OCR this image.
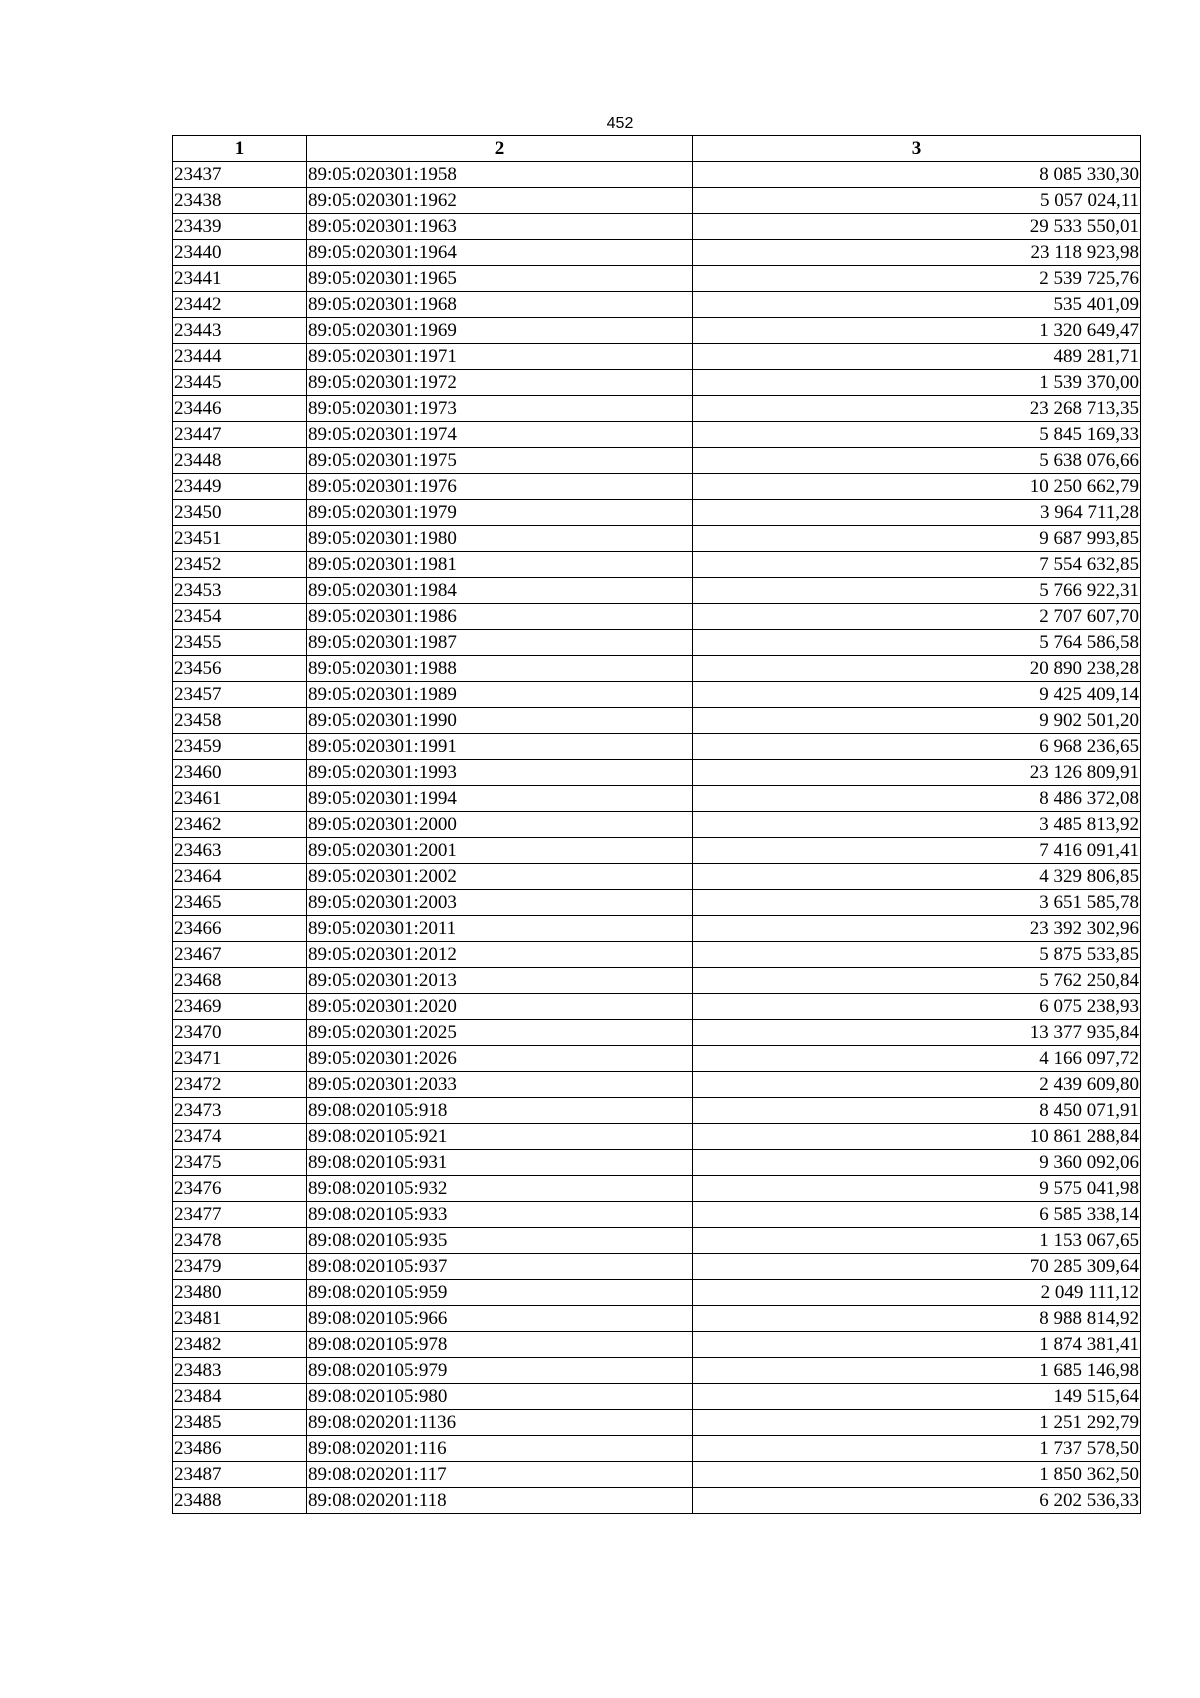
452
1	2	3
23437	89:05:020301:1958	8 085 330,30
23438	89:05:020301:1962	5 057 024,11
23439	89:05:020301:1963	29 533 550,01
23440	89:05:020301:1964	23 118 923,98
23441	89:05:020301:1965	2 539 725,76
23442	89:05:020301:1968	535 401,09
23443	89:05:020301:1969	1 320 649,47
23444	89:05:020301:1971	489 281,71
23445	89:05:020301:1972	1 539 370,00
23446	89:05:020301:1973	23 268 713,35
23447	89:05:020301:1974	5 845 169,33
23448	89:05:020301:1975	5 638 076,66
23449	89:05:020301:1976	10 250 662,79
23450	89:05:020301:1979	3 964 711,28
23451	89:05:020301:1980	9 687 993,85
23452	89:05:020301:1981	7 554 632,85
23453	89:05:020301:1984	5 766 922,31
23454	89:05:020301:1986	2 707 607,70
23455	89:05:020301:1987	5 764 586,58
23456	89:05:020301:1988	20 890 238,28
23457	89:05:020301:1989	9 425 409,14
23458	89:05:020301:1990	9 902 501,20
23459	89:05:020301:1991	6 968 236,65
23460	89:05:020301:1993	23 126 809,91
23461	89:05:020301:1994	8 486 372,08
23462	89:05:020301:2000	3 485 813,92
23463	89:05:020301:2001	7 416 091,41
23464	89:05:020301:2002	4 329 806,85
23465	89:05:020301:2003	3 651 585,78
23466	89:05:020301:2011	23 392 302,96
23467	89:05:020301:2012	5 875 533,85
23468	89:05:020301:2013	5 762 250,84
23469	89:05:020301:2020	6 075 238,93
23470	89:05:020301:2025	13 377 935,84
23471	89:05:020301:2026	4 166 097,72
23472	89:05:020301:2033	2 439 609,80
23473	89:08:020105:918	8 450 071,91
23474	89:08:020105:921	10 861 288,84
23475	89:08:020105:931	9 360 092,06
23476	89:08:020105:932	9 575 041,98
23477	89:08:020105:933	6 585 338,14
23478	89:08:020105:935	1 153 067,65
23479	89:08:020105:937	70 285 309,64
23480	89:08:020105:959	2 049 111,12
23481	89:08:020105:966	8 988 814,92
23482	89:08:020105:978	1 874 381,41
23483	89:08:020105:979	1 685 146,98
23484	89:08:020105:980	149 515,64
23485	89:08:020201:1136	1 251 292,79
23486	89:08:020201:116	1 737 578,50
23487	89:08:020201:117	1 850 362,50
23488	89:08:020201:118	6 202 536,33
